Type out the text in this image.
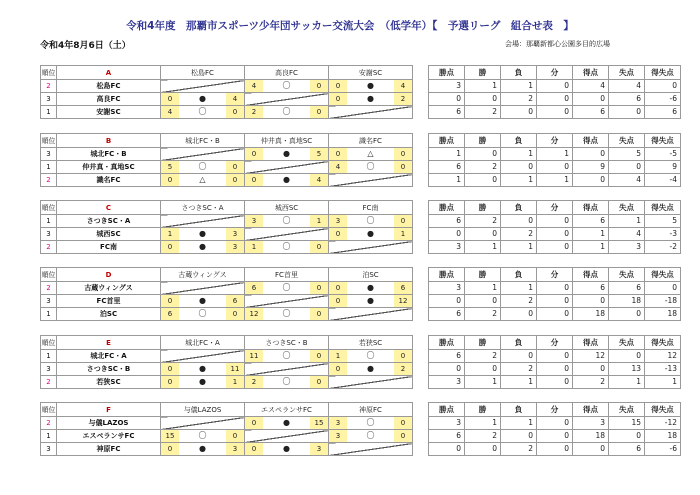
令和4年度　那覇市スポーツ少年団サッカー交流大会　（低学年）【　予選リーグ　組合せ表　】
令和4年8月6日（土）	会場：那覇新都心公園多目的広場
順位	A	松島FC	高良FC	安謝SC
2	松島FC		4 〇 0	0 ● 4

3	高良FC	0 ● 4		0 ● 2

1	安謝SC	4 〇 0	2 〇 0	

勝点	勝	負	分	得点	失点	得失点
3	1	1	0	4	4	0
0	0	2	0	0	6	-6
6	2	0	0	6	0	6
順位	B	城北FC・B	仲井真・真地SC	識名FC
3	城北FC・B		0 ● 5	0 △ 0

1	仲井真・真地SC	5 〇 0		4 〇 0

2	識名FC	0 △ 0	0 ● 4	

勝点	勝	負	分	得点	失点	得失点
1	0	1	1	0	5	-5
6	2	0	0	9	0	9
1	0	1	1	0	4	-4
順位	C	さつきSC・A	城西SC	FC南
1	さつきSC・A		3 〇 1	3 〇 0

3	城西SC	1 ● 3		0 ● 1

2	FC南	0 ● 3	1 〇 0	

勝点	勝	負	分	得点	失点	得失点
6	2	0	0	6	1	5
0	0	2	0	1	4	-3
3	1	1	0	1	3	-2
順位	D	古蔵ウィングス	FC首里	泊SC
2	古蔵ウィングス		6 〇 0	0 ● 6

3	FC首里	0 ● 6		0 ● 12

1	泊SC	6 〇 0	12 〇 0	

勝点	勝	負	分	得点	失点	得失点
3	1	1	0	6	6	0
0	0	2	0	0	18	-18
6	2	0	0	18	0	18
順位	E	城北FC・A	さつきSC・B	若狭SC
1	城北FC・A		11 〇 0	1 〇 0

3	さつきSC・B	0 ● 11		0 ● 2

2	若狭SC	0 ● 1	2 〇 0	

勝点	勝	負	分	得点	失点	得失点
6	2	0	0	12	0	12
0	0	2	0	0	13	-13
3	1	1	0	2	1	1
順位	F	与儀LAZOS	エスペランサFC	神原FC
2	与儀LAZOS		0 ● 15	3 〇 0

1	エスペランサFC	15 〇 0		3 〇 0

3	神原FC	0 ● 3	0 ● 3	

勝点	勝	負	分	得点	失点	得失点
3	1	1	0	3	15	-12
6	2	0	0	18	0	18
0	0	2	0	0	6	-6
